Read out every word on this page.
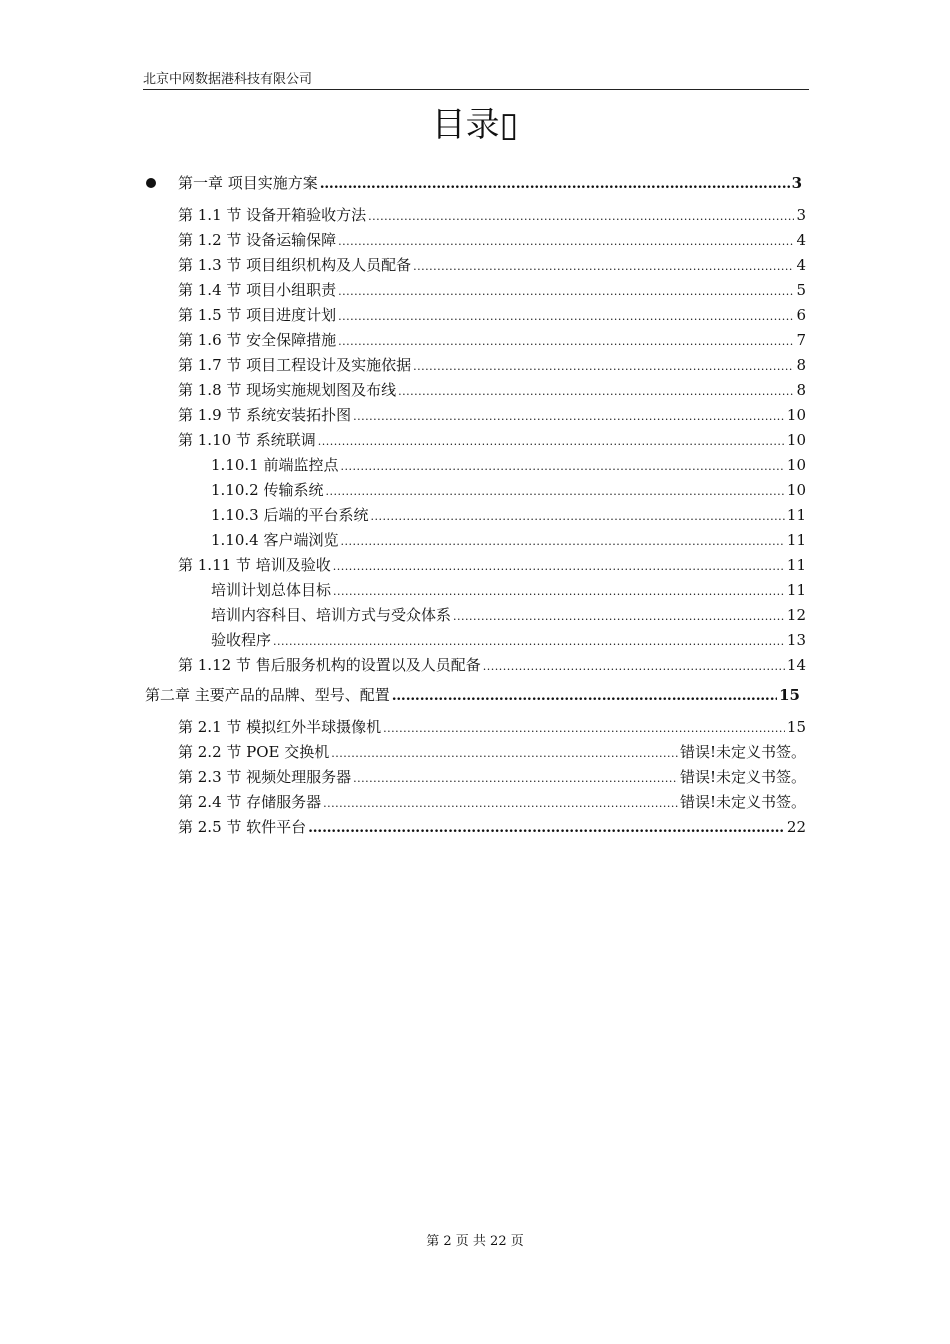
北京中网数据港科技有限公司
目录▯
第一章 项目实施方案 ……………………………………………………………………………………………………………………………………………………………………	3
第 1.1 节 设备开箱验收方法 .....	3
第 1.2 节 设备运输保障 .....	4
第 1.3 节 项目组织机构及人员配备 .....	4
第 1.4 节 项目小组职责 .....	5
第 1.5 节 项目进度计划 .....	6
第 1.6 节 安全保障措施 .....	7
第 1.7 节 项目工程设计及实施依据 .....	8
第 1.8 节 现场实施规划图及布线 .....	8
第 1.9 节 系统安装拓扑图 .....	10
第 1.10 节 系统联调 .....	10
1.10.1 前端监控点 .....	10
1.10.2 传输系统 .....	10
1.10.3 后端的平台系统 .....	11
1.10.4 客户端浏览 .....	11
第 1.11 节 培训及验收 .....	11
培训计划总体目标 .....	11
培训内容科目、培训方式与受众体系 .....	12
验收程序 .....	13
第 1.12 节 售后服务机构的设置以及人员配备 .....	14
第二章 主要产品的品牌、型号、配置 ……………………………………………………………………………………………………………………………………………………………………	15
第 2.1 节 模拟红外半球摄像机 .....	15
第 2.2 节 POE 交换机 .....	错误!未定义书签。
第 2.3 节 视频处理服务器 .....	错误!未定义书签。
第 2.4 节 存储服务器 .....	错误!未定义书签。
第 2.5 节 软件平台 ……………………………………………………………………………………………………………………………………………………………………	22
第 2 页 共 22 页
